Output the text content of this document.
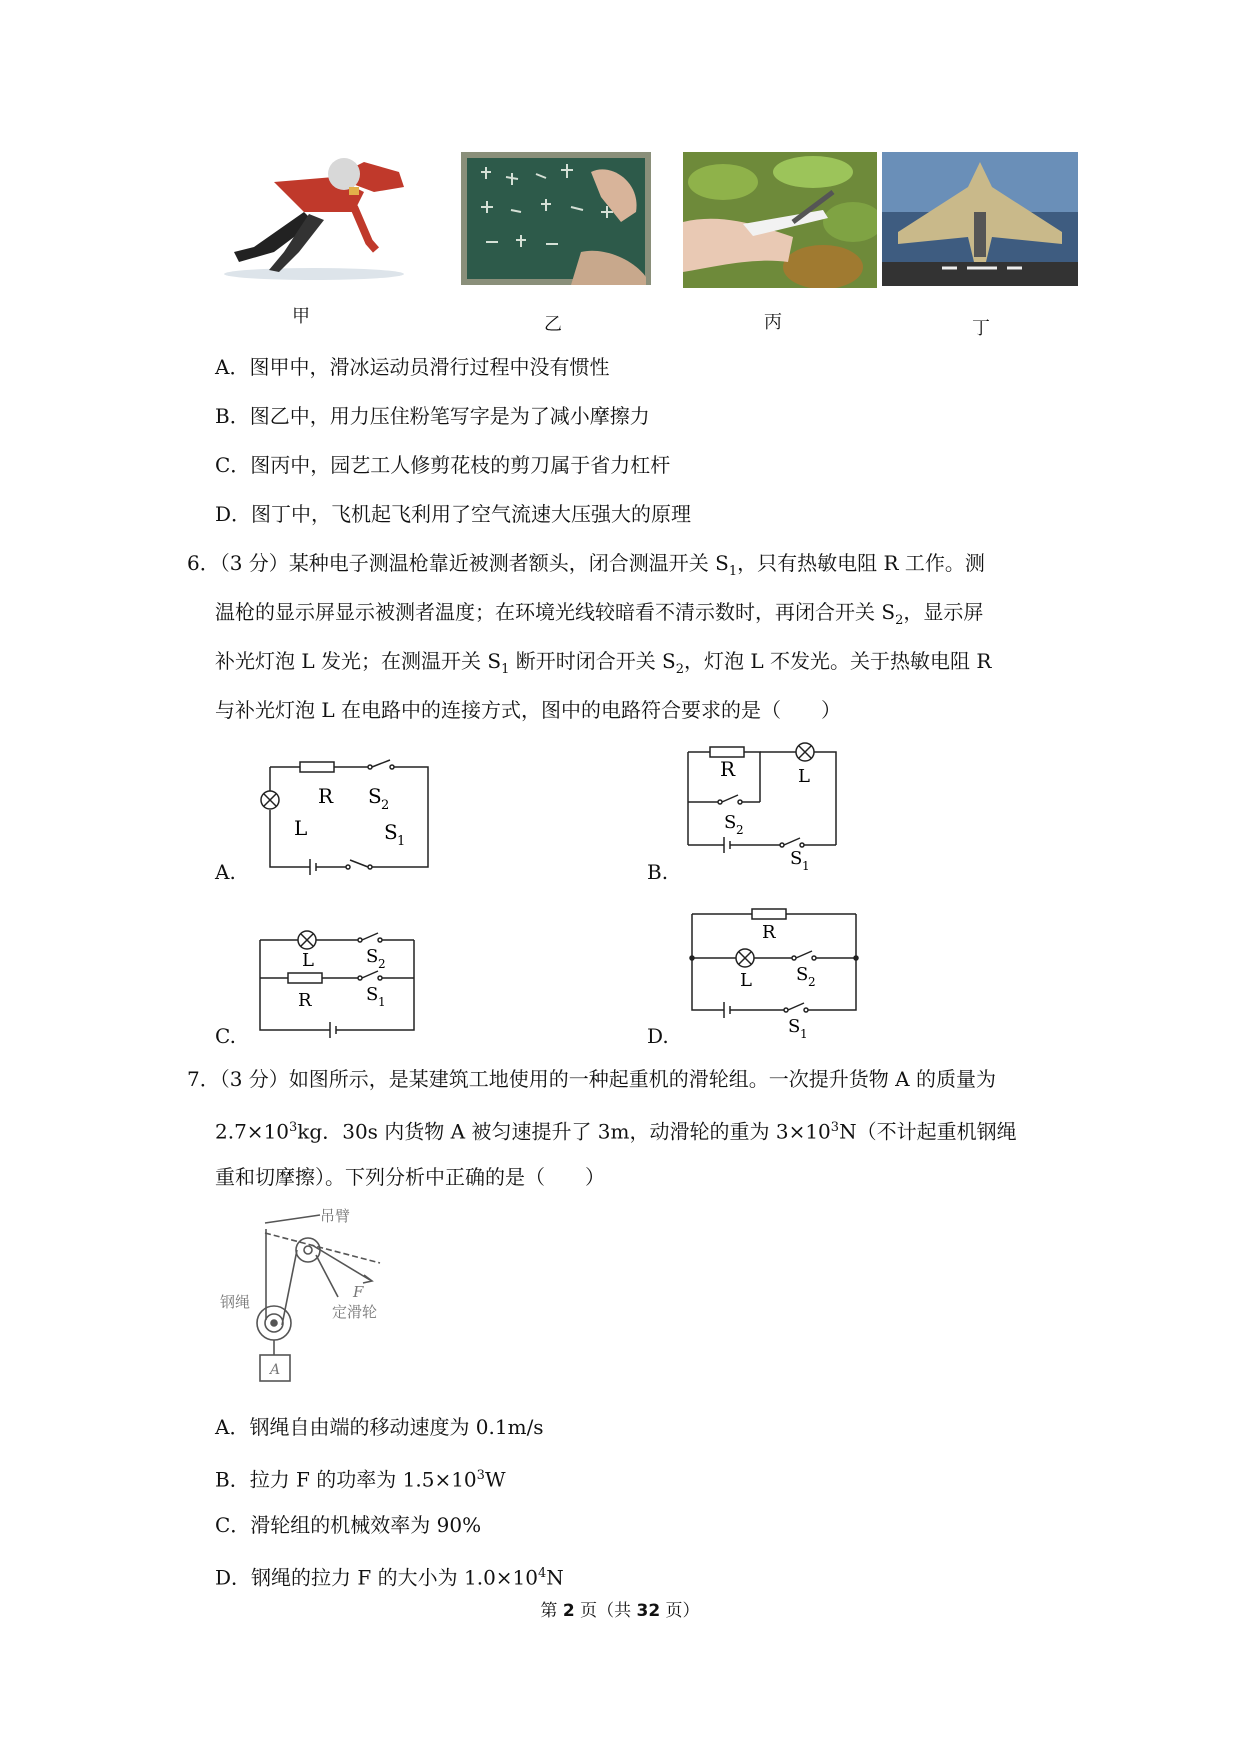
甲	乙	丙	丁
A．图甲中，滑冰运动员滑行过程中没有惯性
B．图乙中，用力压住粉笔写字是为了减小摩擦力
C．图丙中，园艺工人修剪花枝的剪刀属于省力杠杆
D．图丁中，飞机起飞利用了空气流速大压强大的原理
6．（3 分）某种电子测温枪靠近被测者额头，闭合测温开关 $S_1$，只有热敏电阻 R 工作。测
温枪的显示屏显示被测者温度；在环境光线较暗看不清示数时，再闭合开关 $S_2$，显示屏
补光灯泡 L 发光；在测温开关 $S_1$ 断开时闭合开关 $S_2$，灯泡 L 不发光。关于热敏电阻 R
与补光灯泡 L 在电路中的连接方式，图中的电路符合要求的是（　　）
R S 2
L	S 1
A.
R	L
S 2
S 1
B.
L	S 2
R	S 1
C.
R
L S 2
S 1
D.
7．（3 分）如图所示，是某建筑工地使用的一种起重机的滑轮组。一次提升货物 A 的质量为
$2.7\times 10^3kg$．30s 内货物 A 被匀速提升了 3m，动滑轮的重为 $3\times 10^3N$（不计起重机钢绳
重和切摩擦）。下列分析中正确的是（　　）
吊臂
钢绳
定滑轮
F
A
A．钢绳自由端的移动速度为 0.1m/s
B．拉力 F 的功率为 $1.5\times 10^3W$
C．滑轮组的机械效率为 90%
D．钢绳的拉力 F 的大小为 $1.0\times 10^4N$
第 2 页（共 32 页）
